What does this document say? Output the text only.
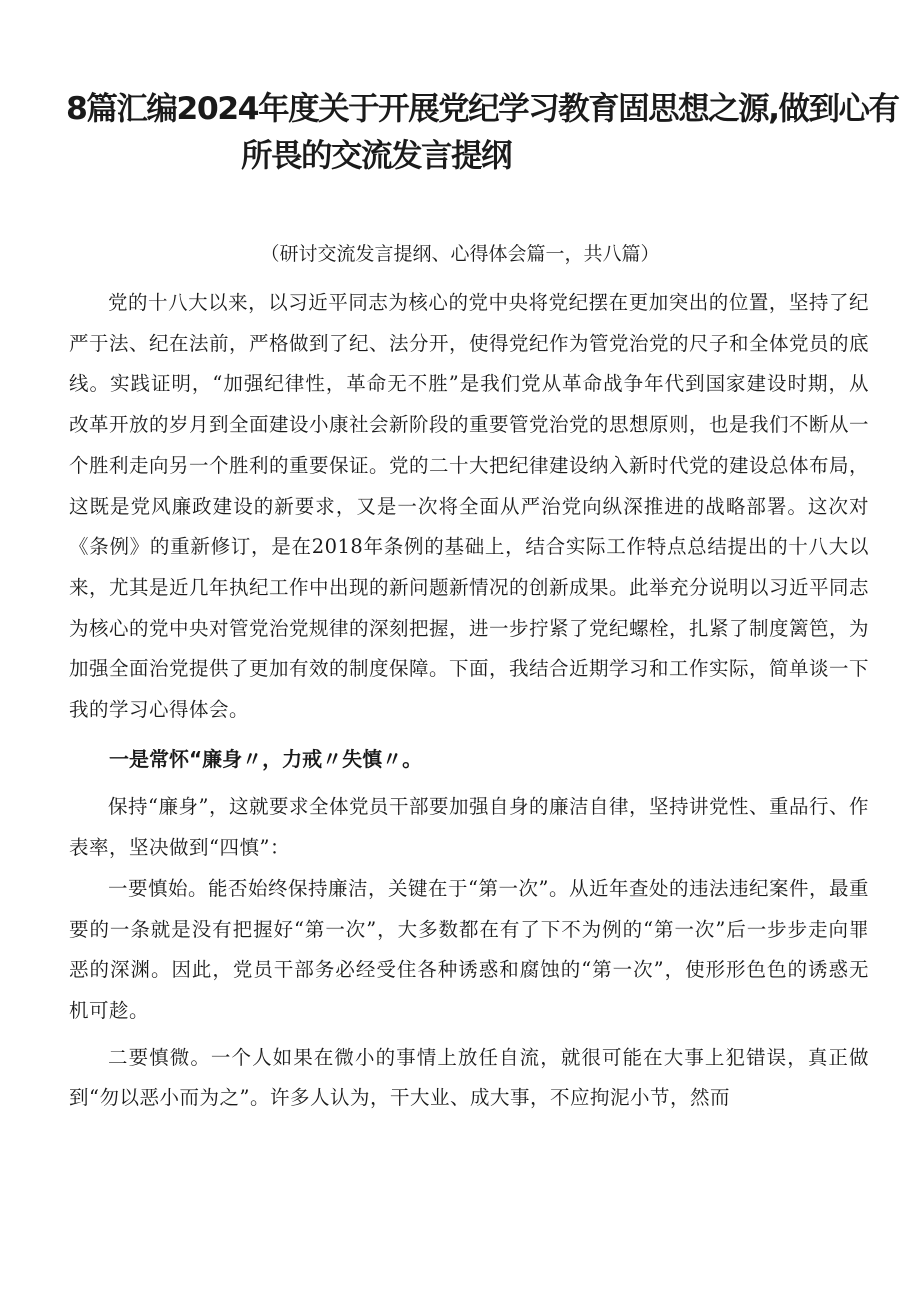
8篇汇编2024年度关于开展党纪学习教育固思想之源,做到心有
所畏的交流发言提纲
（研讨交流发言提纲、心得体会篇一，共八篇）

党的十八大以来，以习近平同志为核心的党中央将党纪摆在更加突出的位置，坚持了纪严于法、纪在法前，严格做到了纪、法分开，使得党纪作为管党治党的尺子和全体党员的底线。实践证明，“加强纪律性，革命无不胜”是我们党从革命战争年代到国家建设时期，从改革开放的岁月到全面建设小康社会新阶段的重要管党治党的思想原则，也是我们不断从一个胜利走向另一个胜利的重要保证。党的二十大把纪律建设纳入新时代党的建设总体布局，这既是党风廉政建设的新要求，又是一次将全面从严治党向纵深推进的战略部署。这次对《条例》的重新修订，是在2018年条例的基础上，结合实际工作特点总结提出的十八大以来，尤其是近几年执纪工作中出现的新问题新情况的创新成果。此举充分说明以习近平同志为核心的党中央对管党治党规律的深刻把握，进一步拧紧了党纪螺栓，扎紧了制度篱笆，为加强全面治党提供了更加有效的制度保障。下面，我结合近期学习和工作实际，简单谈一下我的学习心得体会。

一是常怀“廉身〃，力戒〃失慎〃。

保持“廉身”，这就要求全体党员干部要加强自身的廉洁自律，坚持讲党性、重品行、作表率，坚决做到“四慎”：

一要慎始。能否始终保持廉洁，关键在于“第一次”。从近年查处的违法违纪案件，最重要的一条就是没有把握好“第一次”，大多数都在有了下不为例的“第一次”后一步步走向罪恶的深渊。因此，党员干部务必经受住各种诱惑和腐蚀的“第一次”，使形形色色的诱惑无机可趁。

二要慎微。一个人如果在微小的事情上放任自流，就很可能在大事上犯错误，真正做到“勿以恶小而为之”。许多人认为，干大业、成大事，不应拘泥小节，然而
